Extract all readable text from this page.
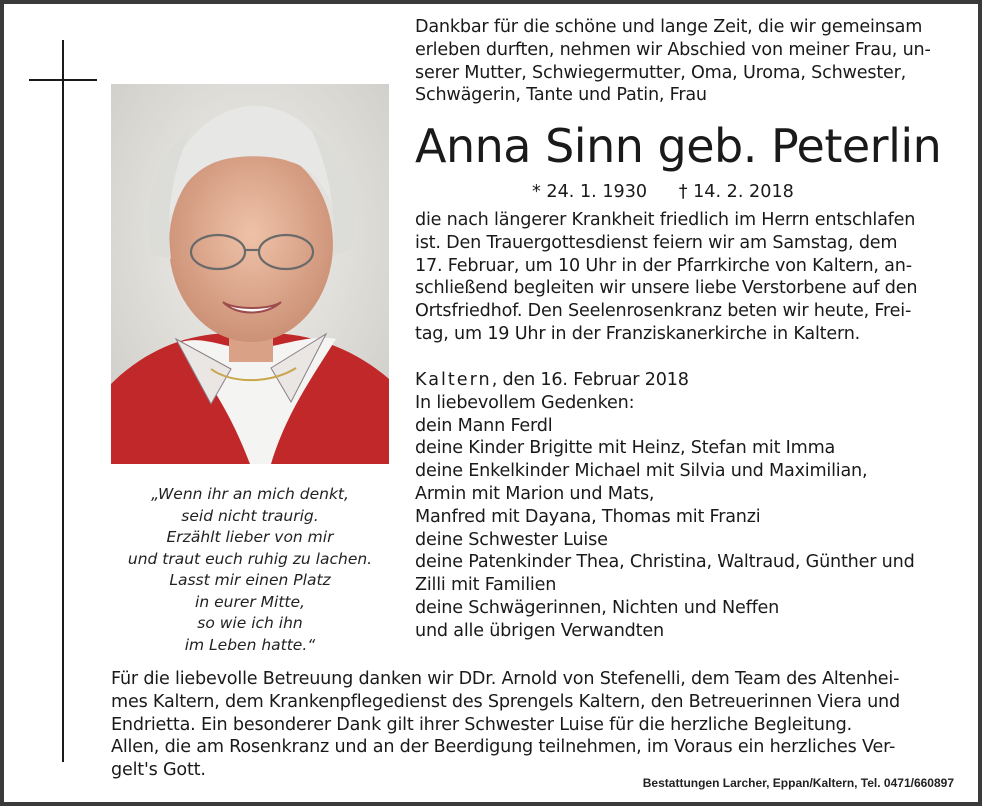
„Wenn ihr an mich denkt,
seid nicht traurig.
Erzählt lieber von mir
und traut euch ruhig zu lachen.
Lasst mir einen Platz
in eurer Mitte,
so wie ich ihn
im Leben hatte.“
Dankbar für die schöne und lange Zeit, die wir gemeinsam
erleben durften, nehmen wir Abschied von meiner Frau, un-
serer Mutter, Schwiegermutter, Oma, Uroma, Schwester,
Schwägerin, Tante und Patin, Frau
Anna Sinn geb. Peterlin
* 24. 1. 1930 † 14. 2. 2018
die nach längerer Krankheit friedlich im Herrn entschlafen
ist. Den Trauergottesdienst feiern wir am Samstag, dem
17. Februar, um 10 Uhr in der Pfarrkirche von Kaltern, an-
schließend begleiten wir unsere liebe Verstorbene auf den
Ortsfriedhof. Den Seelenrosenkranz beten wir heute, Frei-
tag, um 19 Uhr in der Franziskanerkirche in Kaltern.
Kaltern, den 16. Februar 2018
In liebevollem Gedenken:
dein Mann Ferdl
deine Kinder Brigitte mit Heinz, Stefan mit Imma
deine Enkelkinder Michael mit Silvia und Maximilian,
Armin mit Marion und Mats,
Manfred mit Dayana, Thomas mit Franzi
deine Schwester Luise
deine Patenkinder Thea, Christina, Waltraud, Günther und
Zilli mit Familien
deine Schwägerinnen, Nichten und Neffen
und alle übrigen Verwandten
Für die liebevolle Betreuung danken wir DDr. Arnold von Stefenelli, dem Team des Altenhei-
mes Kaltern, dem Krankenpflegedienst des Sprengels Kaltern, den Betreuerinnen Viera und
Endrietta. Ein besonderer Dank gilt ihrer Schwester Luise für die herzliche Begleitung.
Allen, die am Rosenkranz und an der Beerdigung teilnehmen, im Voraus ein herzliches Ver-
gelt's Gott.
Bestattungen Larcher, Eppan/Kaltern, Tel. 0471/660897
